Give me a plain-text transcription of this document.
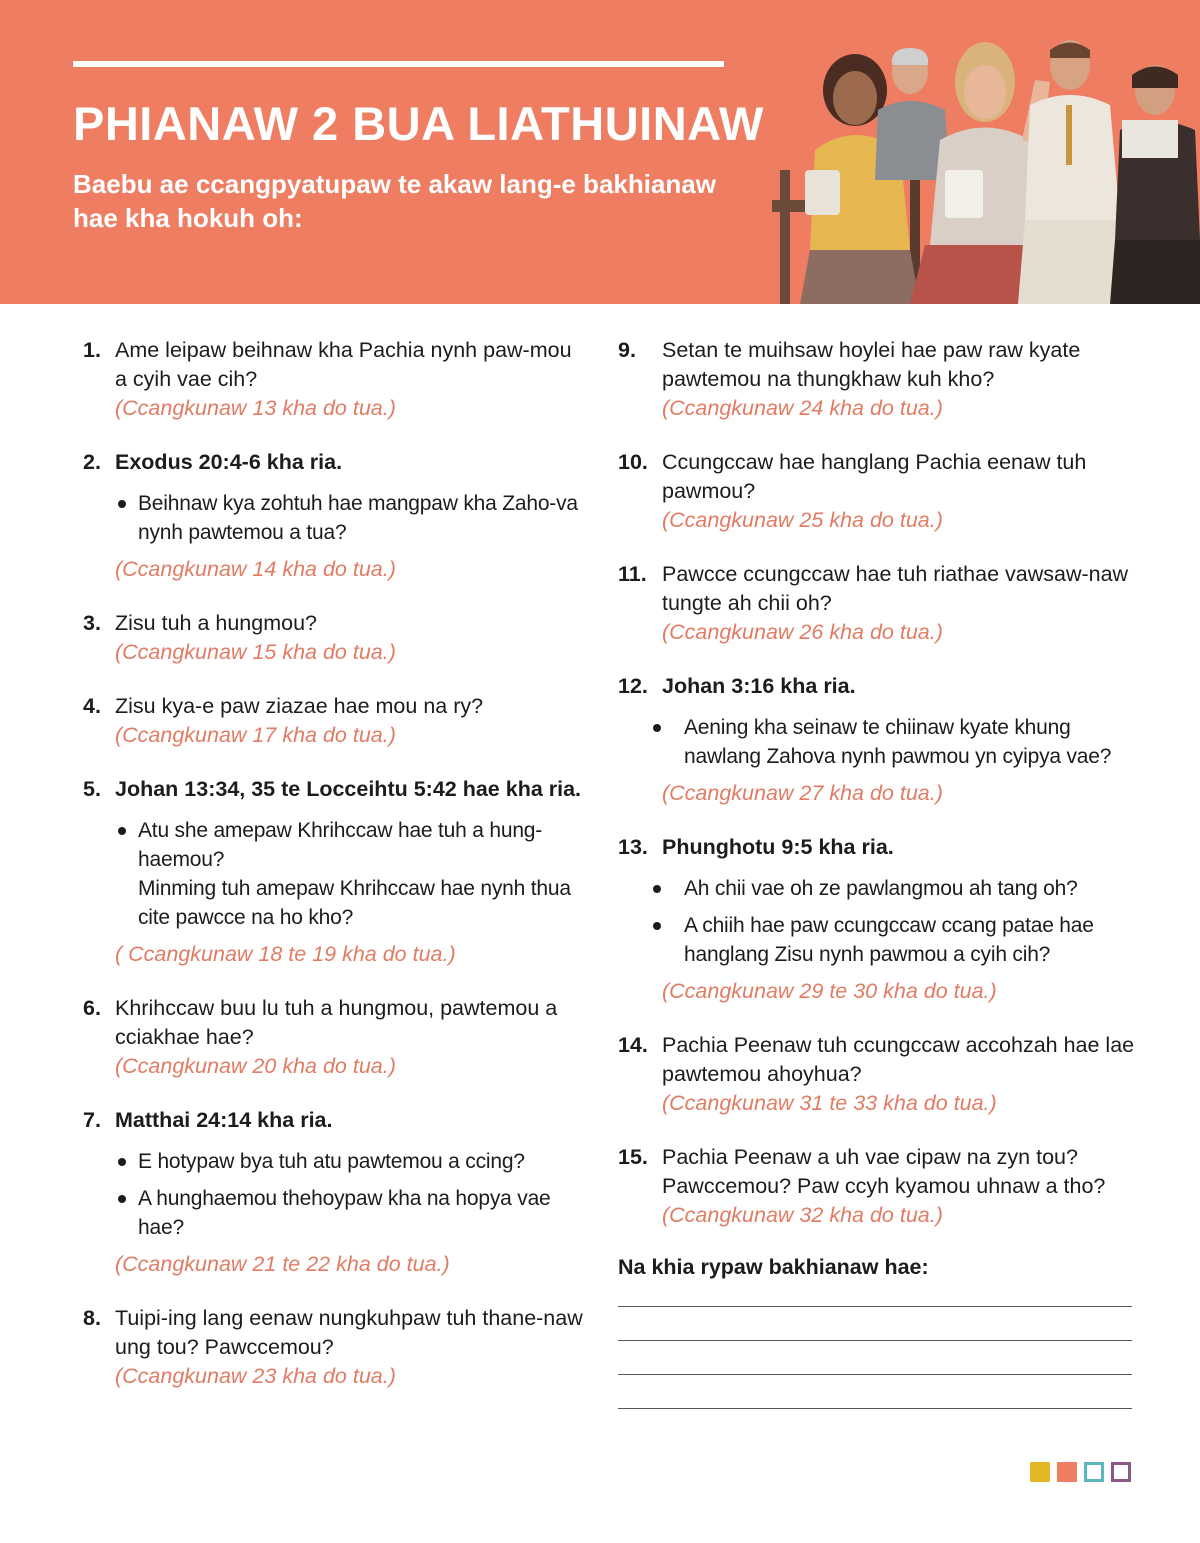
PHIANAW 2 BUA LIATHUINAW
Baebu ae ccangpyatupaw te akaw lang-e bakhianaw hae kha hokuh oh:
1. Ame leipaw beihnaw kha Pachia nynh paw-mou a cyih vae cih?
(Ccangkunaw 13 kha do tua.)
2. Exodus 20:4-6 kha ria.
Beihnaw kya zohtuh hae mangpaw kha Zaho-va nynh pawtemou a tua?
(Ccangkunaw 14 kha do tua.)
3. Zisu tuh a hungmou?
(Ccangkunaw 15 kha do tua.)
4. Zisu kya-e paw ziazae hae mou na ry?
(Ccangkunaw 17 kha do tua.)
5. Johan 13:34, 35 te Locceihtu 5:42 hae kha ria.
Atu she amepaw Khrihccaw hae tuh a hung-haemou?
Minming tuh amepaw Khrihccaw hae nynh thua cite pawcce na ho kho?
( Ccangkunaw 18 te 19 kha do tua.)
6. Khrihccaw buu lu tuh a hungmou, pawtemou a cciakhae hae?
(Ccangkunaw 20 kha do tua.)
7. Matthai 24:14 kha ria.
E hotypaw bya tuh atu pawtemou a ccing?
A hunghaemou thehoypaw kha na hopya vae hae?
(Ccangkunaw 21 te 22 kha do tua.)
8. Tuipi-ing lang eenaw nungkuhpaw tuh thane-naw ung tou? Pawccemou?
(Ccangkunaw 23 kha do tua.)
9.	Setan te muihsaw hoylei hae paw raw kyate pawtemou na thungkhaw kuh kho?
(Ccangkunaw 24 kha do tua.)
10. Ccungccaw hae hanglang Pachia eenaw tuh pawmou?
(Ccangkunaw 25 kha do tua.)
11. Pawcce ccungccaw hae tuh riathae vawsaw-naw tungte ah chii oh?
(Ccangkunaw 26 kha do tua.)
12. Johan 3:16 kha ria.
Aening kha seinaw te chiinaw kyate khung nawlang Zahova nynh pawmou yn cyipya vae?
(Ccangkunaw 27 kha do tua.)
13. Phunghotu 9:5 kha ria.
Ah chii vae oh ze pawlangmou ah tang oh?
A chiih hae paw ccungccaw ccang patae hae hanglang Zisu nynh pawmou a cyih cih?
(Ccangkunaw 29 te 30 kha do tua.)
14. Pachia Peenaw tuh ccungccaw accohzah hae lae pawtemou ahoyhua?
(Ccangkunaw 31 te 33 kha do tua.)
15. Pachia Peenaw a uh vae cipaw na zyn tou? Pawccemou? Paw ccyh kyamou uhnaw a tho?
(Ccangkunaw 32 kha do tua.)
Na khia rypaw bakhianaw hae:
